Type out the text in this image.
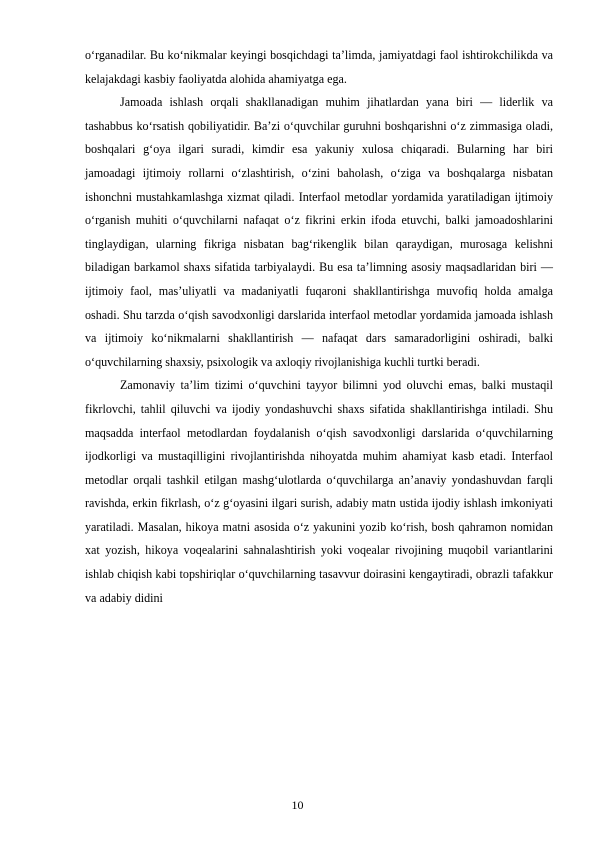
o‘rganadilar. Bu ko‘nikmalar keyingi bosqichdagi ta’limda, jamiyatdagi faol ishtirokchilikda va kelajakdagi kasbiy faoliyatda alohida ahamiyatga ega.

Jamoada ishlash orqali shakllanadigan muhim jihatlardan yana biri — liderlik va tashabbus ko‘rsatish qobiliyatidir. Ba’zi o‘quvchilar guruhni boshqarishni o‘z zimmasiga oladi, boshqalari g‘oya ilgari suradi, kimdir esa yakuniy xulosa chiqaradi. Bularning har biri jamoadagi ijtimoiy rollarni o‘zlashtirish, o‘zini baholash, o‘ziga va boshqalarga nisbatan ishonchni mustahkamlashga xizmat qiladi. Interfaol metodlar yordamida yaratiladigan ijtimoiy o‘rganish muhiti o‘quvchilarni nafaqat o‘z fikrini erkin ifoda etuvchi, balki jamoadoshlarini tinglaydigan, ularning fikriga nisbatan bag‘rikenglik bilan qaraydigan, murosaga kelishni biladigan barkamol shaxs sifatida tarbiyalaydi. Bu esa ta’limning asosiy maqsadlaridan biri — ijtimoiy faol, mas’uliyatli va madaniyatli fuqaroni shakllantirishga muvofiq holda amalga oshadi. Shu tarzda o‘qish savodxonligi darslarida interfaol metodlar yordamida jamoada ishlash va ijtimoiy ko‘nikmalarni shakllantirish — nafaqat dars samaradorligini oshiradi, balki o‘quvchilarning shaxsiy, psixologik va axloqiy rivojlanishiga kuchli turtki beradi.

Zamonaviy ta’lim tizimi o‘quvchini tayyor bilimni yod oluvchi emas, balki mustaqil fikrlovchi, tahlil qiluvchi va ijodiy yondashuvchi shaxs sifatida shakllantirishga intiladi. Shu maqsadda interfaol metodlardan foydalanish o‘qish savodxonligi darslarida o‘quvchilarning ijodkorligi va mustaqilligini rivojlantirishda nihoyatda muhim ahamiyat kasb etadi. Interfaol metodlar orqali tashkil etilgan mashg‘ulotlarda o‘quvchilarga an’anaviy yondashuvdan farqli ravishda, erkin fikrlash, o‘z g‘oyasini ilgari surish, adabiy matn ustida ijodiy ishlash imkoniyati yaratiladi. Masalan, hikoya matni asosida o‘z yakunini yozib ko‘rish, bosh qahramon nomidan xat yozish, hikoya voqealarini sahnalashtirish yoki voqealar rivojining muqobil variantlarini ishlab chiqish kabi topshiriqlar o‘quvchilarning tasavvur doirasini kengaytiradi, obrazli tafakkur va adabiy didini

10
